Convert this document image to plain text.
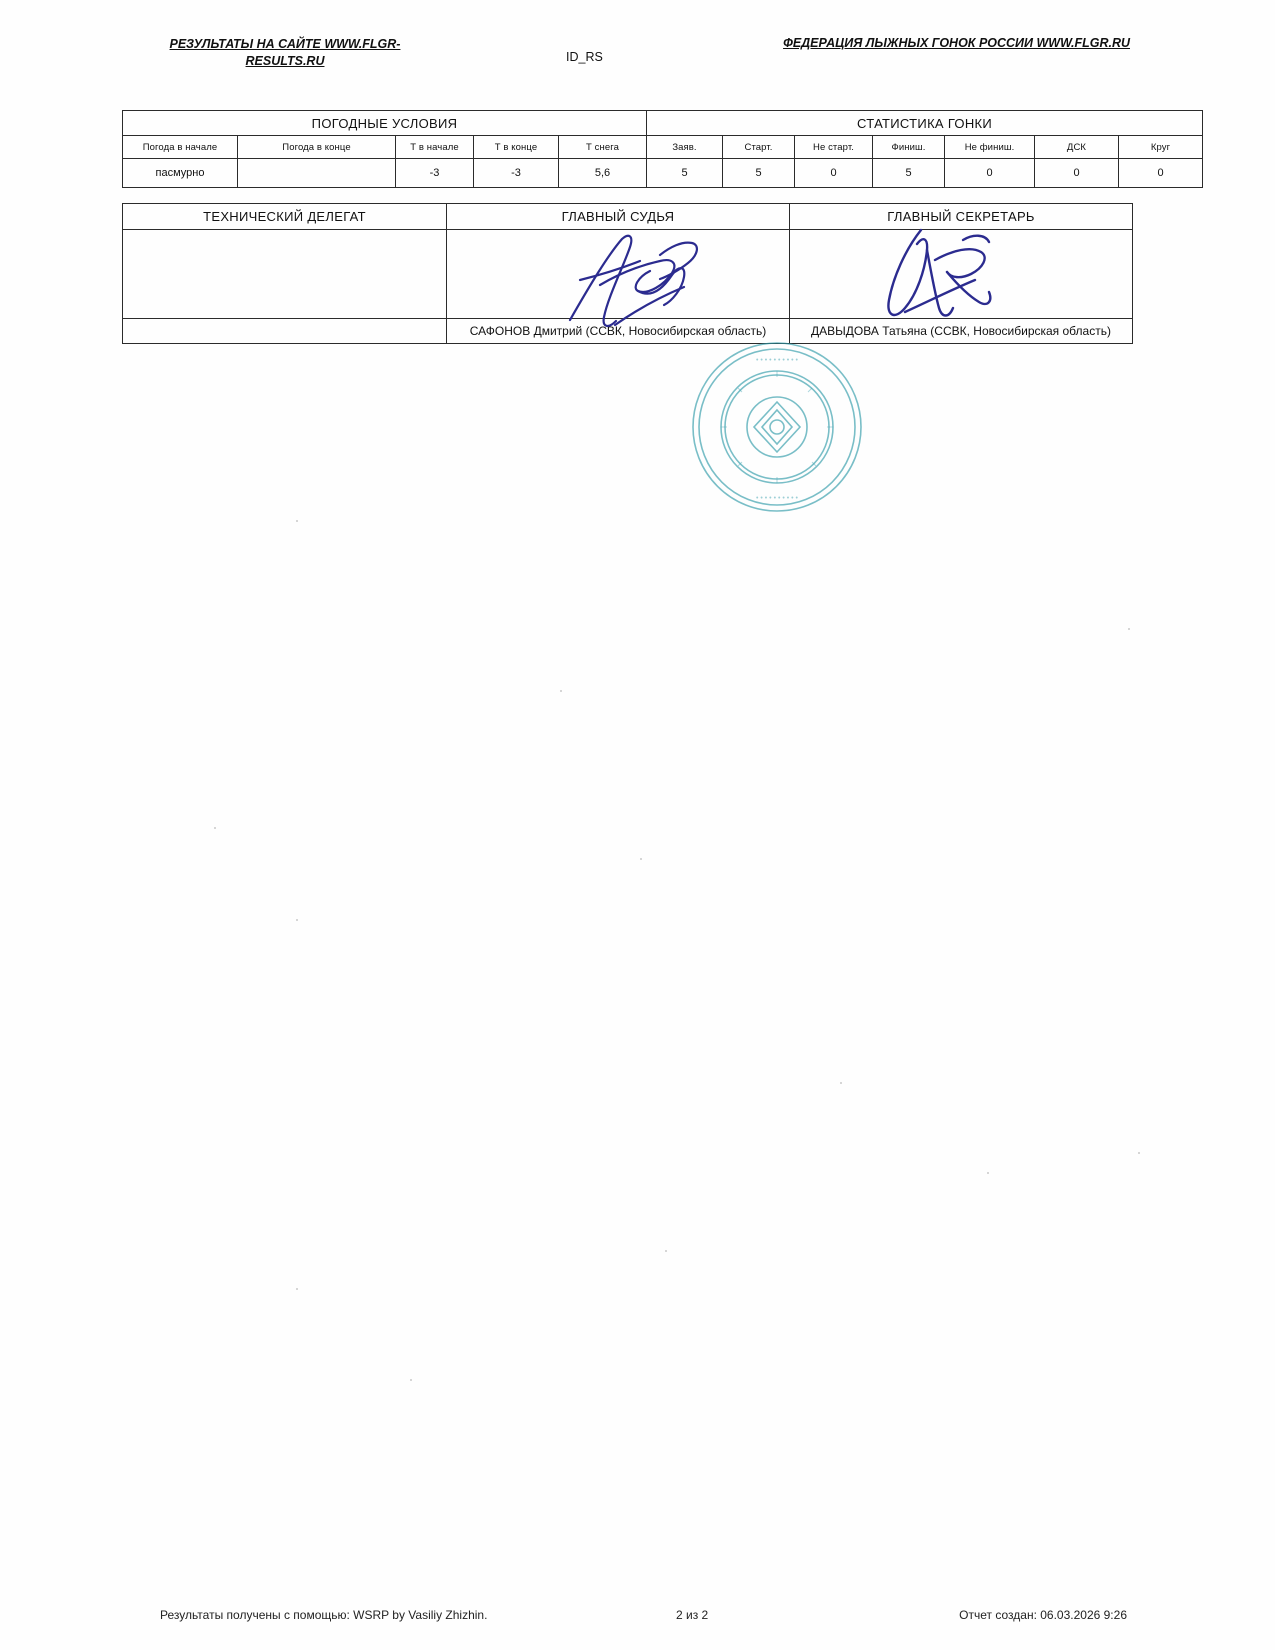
РЕЗУЛЬТАТЫ НА САЙТЕ WWW.FLGR-RESULTS.RU	ID_RS
ФЕДЕРАЦИЯ ЛЫЖНЫХ ГОНОК РОССИИ WWW.FLGR.RU
ПОГОДНЫЕ УСЛОВИЯ					СТАТИСТИКА ГОНКИ						
Погода в начале	Погода в конце	Т в начале	Т в конце	Т снега	Заяв.	Старт.	Не старт.	Финиш.	Не финиш.	ДСК	Круг
пасмурно		-3	-3	5,6	5	5	0	5	0	0	0
ТЕХНИЧЕСКИЙ ДЕЛЕГАТ	ГЛАВНЫЙ СУДЬЯ	ГЛАВНЫЙ СЕКРЕТАРЬ

	САФОНОВ Дмитрий (ССВК, Новосибирская область)	ДАВЫДОВА Татьяна (ССВК, Новосибирская область)
• • • • • • • • • •
• • • • • • • • • •
Результаты получены с помощью: WSRP by Vasiliy Zhizhin.	2 из 2	Отчет создан: 06.03.2026 9:26
